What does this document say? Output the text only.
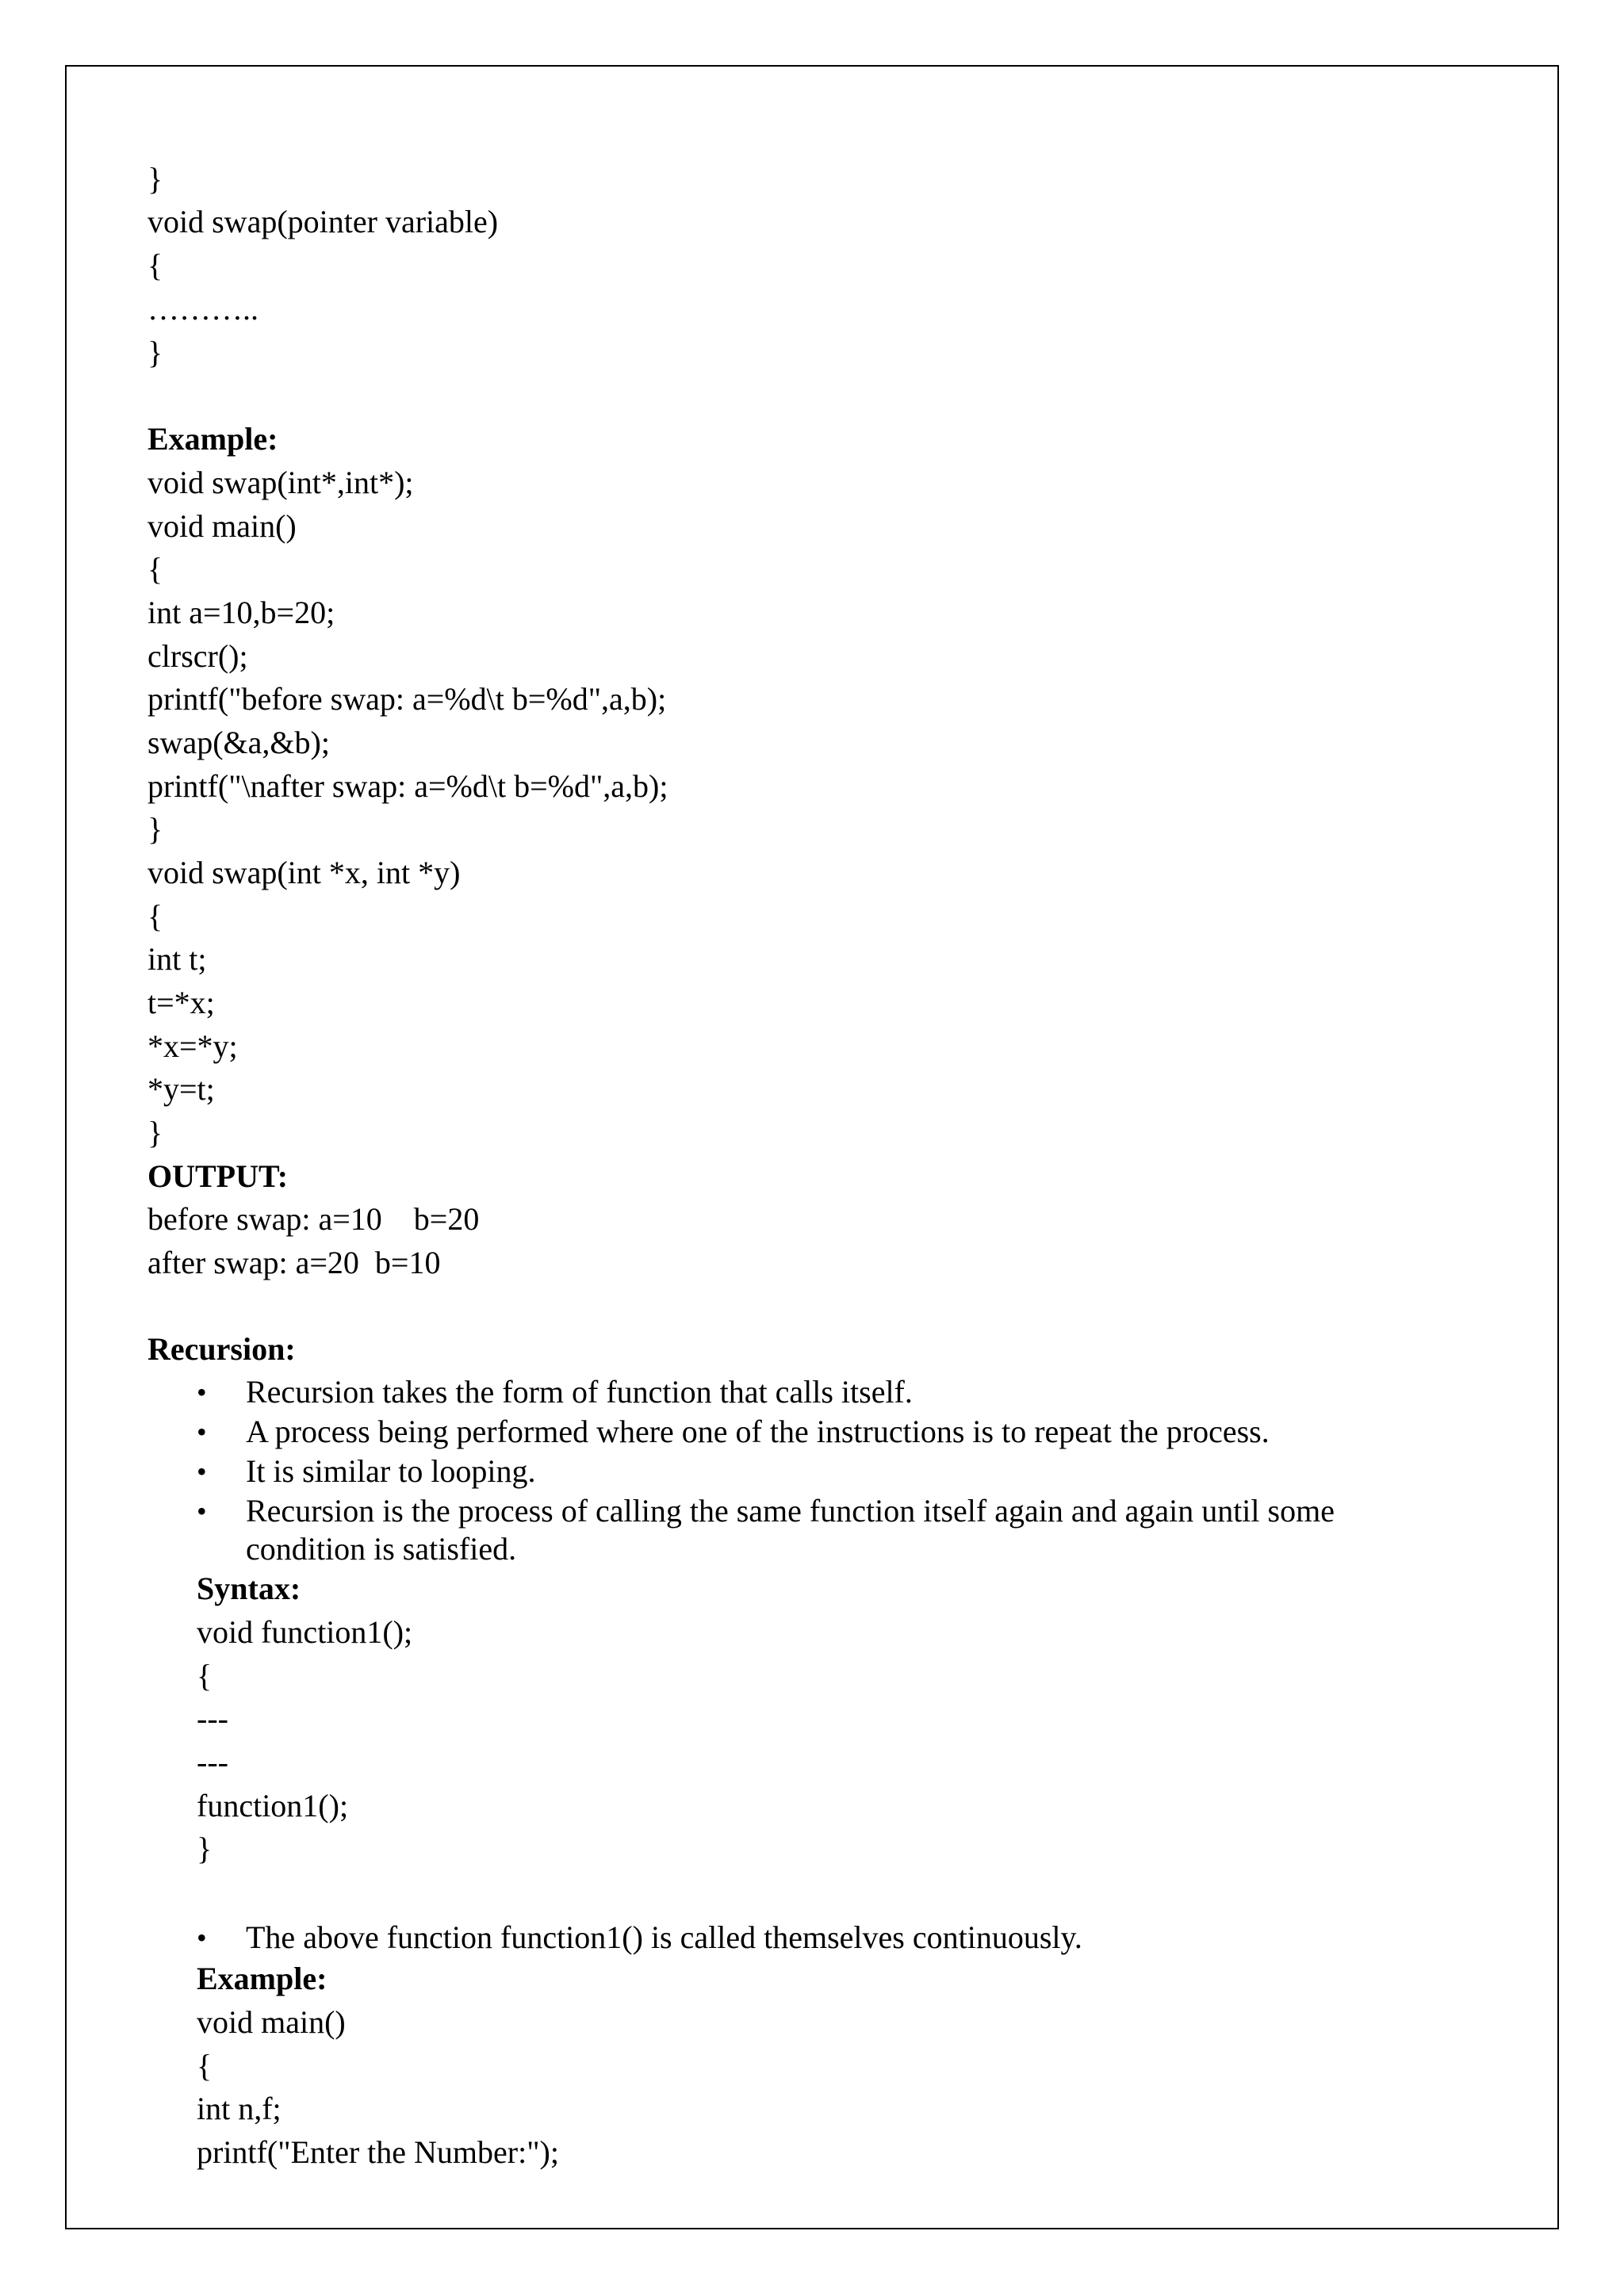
}

void swap(pointer variable)

{

………..

}

Example:

void swap(int*,int*);

void main()

{

int a=10,b=20;

clrscr();

printf("before swap: a=%d\t b=%d",a,b);

swap(&a,&b);

printf("\nafter swap: a=%d\t b=%d",a,b);

}

void swap(int *x, int *y)

{

int t;

t=*x;

*x=*y;

*y=t;

}

OUTPUT:

before swap: a=10    b=20

after swap: a=20  b=10

Recursion:

• Recursion takes the form of function that calls itself.

• A process being performed where one of the instructions is to repeat the process.

• It is similar to looping.

• Recursion is the process of calling the same function itself again and again until some

condition is satisfied.

Syntax:

void function1();

{

---

---

function1();

}

• The above function function1() is called themselves continuously.

Example:

void main()

{

int n,f;

printf("Enter the Number:");
